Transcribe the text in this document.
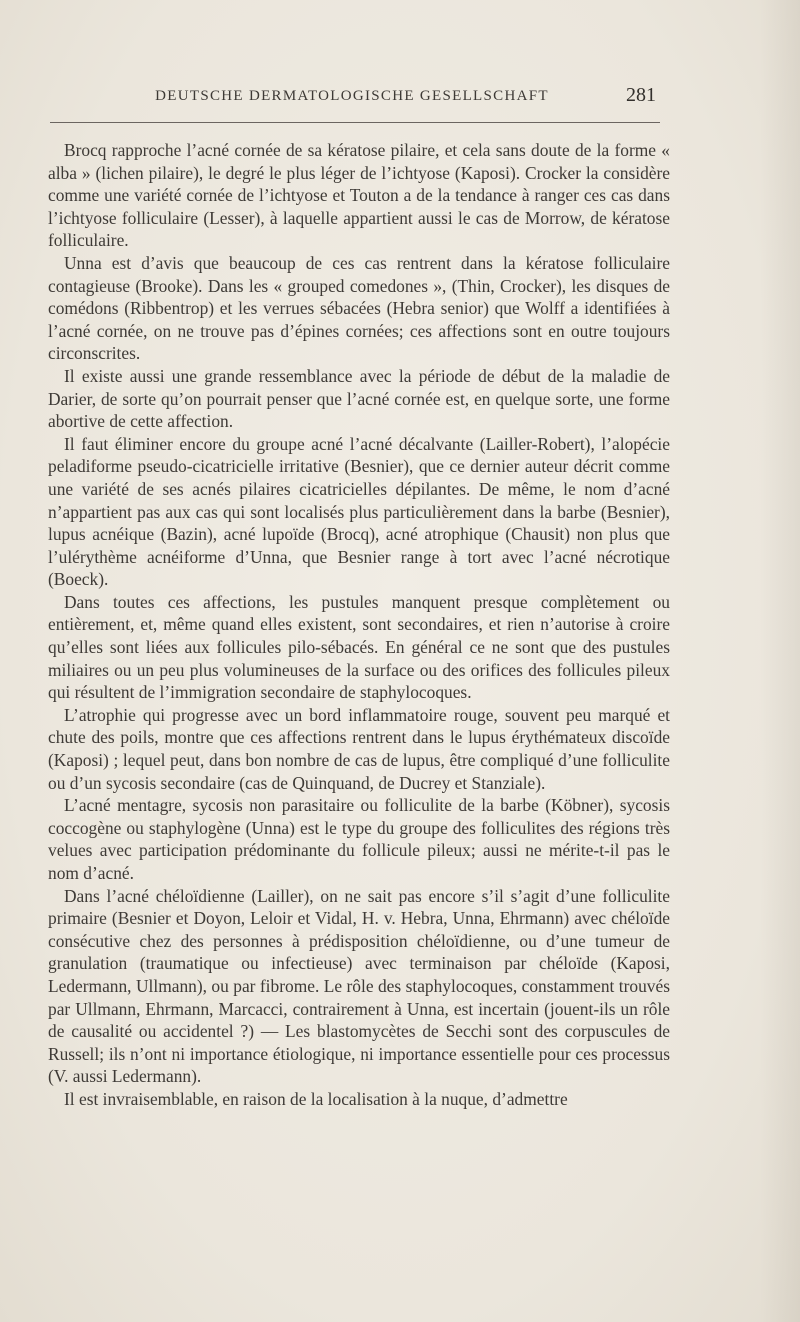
DEUTSCHE DERMATOLOGISCHE GESELLSCHAFT	281

Brocq rapproche l’acné cornée de sa kératose pilaire, et cela sans doute de la forme « alba » (lichen pilaire), le degré le plus léger de l’ichtyose (Kaposi). Crocker la considère comme une variété cornée de l’ichtyose et Touton a de la tendance à ranger ces cas dans l’ichtyose folliculaire (Lesser), à laquelle appartient aussi le cas de Morrow, de kératose folliculaire.

Unna est d’avis que beaucoup de ces cas rentrent dans la kératose folliculaire contagieuse (Brooke). Dans les « grouped comedones », (Thin, Crocker), les disques de comédons (Ribbentrop) et les verrues sébacées (Hebra senior) que Wolff a identifiées à l’acné cornée, on ne trouve pas d’épines cornées; ces affections sont en outre toujours circonscrites.

Il existe aussi une grande ressemblance avec la période de début de la maladie de Darier, de sorte qu’on pourrait penser que l’acné cornée est, en quelque sorte, une forme abortive de cette affection.

Il faut éliminer encore du groupe acné l’acné décalvante (Lailler-Robert), l’alopécie peladiforme pseudo-cicatricielle irritative (Besnier), que ce dernier auteur décrit comme une variété de ses acnés pilaires cicatricielles dépilantes. De même, le nom d’acné n’appartient pas aux cas qui sont localisés plus particulièrement dans la barbe (Besnier), lupus acnéique (Bazin), acné lupoïde (Brocq), acné atrophique (Chausit) non plus que l’ulérythème acnéiforme d’Unna, que Besnier range à tort avec l’acné nécrotique (Boeck).

Dans toutes ces affections, les pustules manquent presque complètement ou entièrement, et, même quand elles existent, sont secondaires, et rien n’autorise à croire qu’elles sont liées aux follicules pilo-sébacés. En général ce ne sont que des pustules miliaires ou un peu plus volumineuses de la surface ou des orifices des follicules pileux qui résultent de l’immigration secondaire de staphylocoques.

L’atrophie qui progresse avec un bord inflammatoire rouge, souvent peu marqué et chute des poils, montre que ces affections rentrent dans le lupus érythémateux discoïde (Kaposi) ; lequel peut, dans bon nombre de cas de lupus, être compliqué d’une folliculite ou d’un sycosis secondaire (cas de Quinquand, de Ducrey et Stanziale).

L’acné mentagre, sycosis non parasitaire ou folliculite de la barbe (Köbner), sycosis coccogène ou staphylogène (Unna) est le type du groupe des folliculites des régions très velues avec participation prédominante du follicule pileux; aussi ne mérite-t-il pas le nom d’acné.

Dans l’acné chéloïdienne (Lailler), on ne sait pas encore s’il s’agit d’une folliculite primaire (Besnier et Doyon, Leloir et Vidal, H. v. Hebra, Unna, Ehrmann) avec chéloïde consécutive chez des personnes à prédisposition chéloïdienne, ou d’une tumeur de granulation (traumatique ou infectieuse) avec terminaison par chéloïde (Kaposi, Ledermann, Ullmann), ou par fibrome. Le rôle des staphylocoques, constamment trouvés par Ullmann, Ehrmann, Marcacci, contrairement à Unna, est incertain (jouent-ils un rôle de causalité ou accidentel ?) — Les blastomycètes de Secchi sont des corpuscules de Russell; ils n’ont ni importance étiologique, ni importance essentielle pour ces processus (V. aussi Ledermann).

Il est invraisemblable, en raison de la localisation à la nuque, d’admettre
